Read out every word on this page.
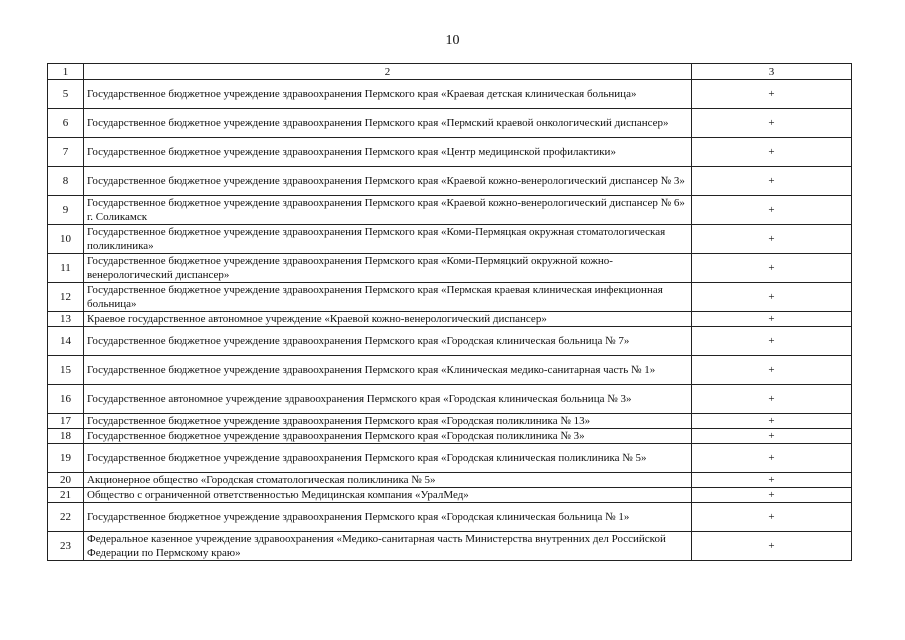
10
1	2	3
5	Государственное бюджетное учреждение здравоохранения Пермского края «Краевая детская клиническая больница»	+
6	Государственное бюджетное учреждение здравоохранения Пермского края «Пермский краевой онкологический диспансер»	+
7	Государственное бюджетное учреждение здравоохранения Пермского края «Центр медицинской профилактики»	+
8	Государственное бюджетное учреждение здравоохранения Пермского края «Краевой кожно-венерологический диспансер № 3»	+
9	Государственное бюджетное учреждение здравоохранения Пермского края «Краевой кожно-венерологический диспансер № 6» г. Соликамск	+
10	Государственное бюджетное учреждение здравоохранения Пермского края «Коми-Пермяцкая окружная стоматологическая поликлиника»	+
11	Государственное бюджетное учреждение здравоохранения Пермского края «Коми-Пермяцкий окружной кожно-венерологический диспансер»	+
12	Государственное бюджетное учреждение здравоохранения Пермского края «Пермская краевая клиническая инфекционная больница»	+
13	Краевое государственное автономное учреждение «Краевой кожно-венерологический диспансер»	+
14	Государственное бюджетное учреждение здравоохранения Пермского края «Городская клиническая больница № 7»	+
15	Государственное бюджетное учреждение здравоохранения Пермского края «Клиническая медико-санитарная часть № 1»	+
16	Государственное автономное учреждение здравоохранения Пермского края «Городская клиническая больница № 3»	+
17	Государственное бюджетное учреждение здравоохранения Пермского края «Городская поликлиника № 13»	+
18	Государственное бюджетное учреждение здравоохранения Пермского края «Городская поликлиника № 3»	+
19	Государственное бюджетное учреждение здравоохранения Пермского края «Городская клиническая поликлиника № 5»	+
20	Акционерное общество «Городская стоматологическая поликлиника № 5»	+
21	Общество с ограниченной ответственностью Медицинская компания «УралМед»	+
22	Государственное бюджетное учреждение здравоохранения Пермского края «Городская клиническая больница № 1»	+
23	Федеральное казенное учреждение здравоохранения «Медико-санитарная часть Министерства внутренних дел Российской Федерации по Пермскому краю»	+
